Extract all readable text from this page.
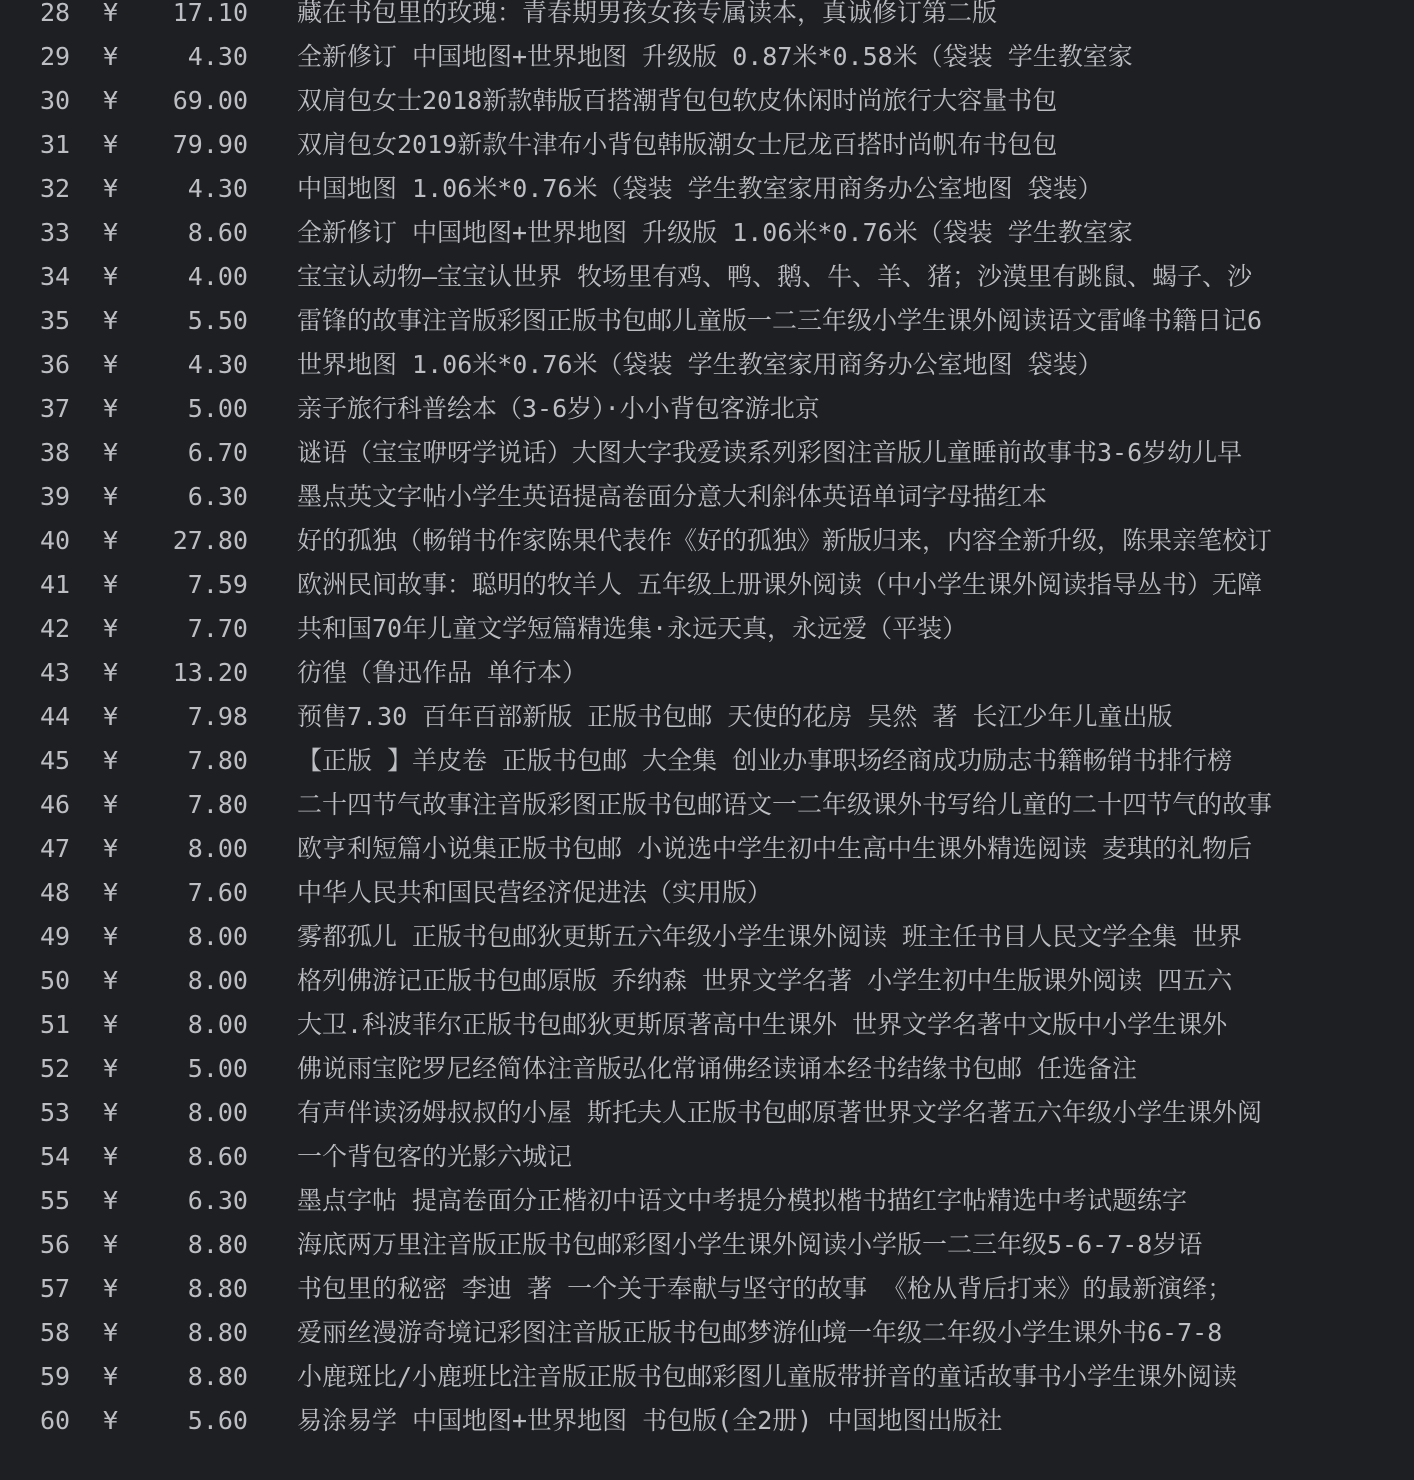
28	¥	17.10 藏在书包里的玫瑰：青春期男孩女孩专属读本，真诚修订第二版
29	¥	4.30 全新修订 中国地图+世界地图 升级版 0.87米*0.58米（袋装 学生教室家
30	¥	69.00 双肩包女士2018新款韩版百搭潮背包包软皮休闲时尚旅行大容量书包
31	¥	79.90 双肩包女2019新款牛津布小背包韩版潮女士尼龙百搭时尚帆布书包包
32	¥	4.30 中国地图 1.06米*0.76米（袋装 学生教室家用商务办公室地图 袋装）
33	¥	8.60 全新修订 中国地图+世界地图 升级版 1.06米*0.76米（袋装 学生教室家
34	¥	4.00 宝宝认动物—宝宝认世界 牧场里有鸡、鸭、鹅、牛、羊、猪；沙漠里有跳鼠、蝎子、沙
35	¥	5.50 雷锋的故事注音版彩图正版书包邮儿童版一二三年级小学生课外阅读语文雷峰书籍日记6
36	¥	4.30 世界地图 1.06米*0.76米（袋装 学生教室家用商务办公室地图 袋装）
37	¥	5.00 亲子旅行科普绘本（3-6岁）·小小背包客游北京
38	¥	6.70 谜语（宝宝咿呀学说话）大图大字我爱读系列彩图注音版儿童睡前故事书3-6岁幼儿早
39	¥	6.30 墨点英文字帖小学生英语提高卷面分意大利斜体英语单词字母描红本
40	¥	27.80 好的孤独（畅销书作家陈果代表作《好的孤独》新版归来，内容全新升级，陈果亲笔校订
41	¥	7.59 欧洲民间故事：聪明的牧羊人 五年级上册课外阅读（中小学生课外阅读指导丛书）无障
42	¥	7.70 共和国70年儿童文学短篇精选集·永远天真，永远爱（平装）
43	¥	13.20 彷徨（鲁迅作品 单行本）
44	¥	7.98 预售7.30 百年百部新版 正版书包邮 天使的花房 吴然 著 长江少年儿童出版
45	¥	7.80 【正版 】羊皮卷 正版书包邮 大全集 创业办事职场经商成功励志书籍畅销书排行榜
46	¥	7.80 二十四节气故事注音版彩图正版书包邮语文一二年级课外书写给儿童的二十四节气的故事
47	¥	8.00 欧亨利短篇小说集正版书包邮 小说选中学生初中生高中生课外精选阅读 麦琪的礼物后
48	¥	7.60 中华人民共和国民营经济促进法（实用版）
49	¥	8.00 雾都孤儿 正版书包邮狄更斯五六年级小学生课外阅读 班主任书目人民文学全集 世界
50	¥	8.00 格列佛游记正版书包邮原版 乔纳森 世界文学名著 小学生初中生版课外阅读 四五六
51	¥	8.00 大卫.科波菲尔正版书包邮狄更斯原著高中生课外 世界文学名著中文版中小学生课外
52	¥	5.00 佛说雨宝陀罗尼经简体注音版弘化常诵佛经读诵本经书结缘书包邮 任选备注
53	¥	8.00 有声伴读汤姆叔叔的小屋 斯托夫人正版书包邮原著世界文学名著五六年级小学生课外阅
54	¥	8.60 一个背包客的光影六城记
55	¥	6.30 墨点字帖 提高卷面分正楷初中语文中考提分模拟楷书描红字帖精选中考试题练字
56	¥	8.80 海底两万里注音版正版书包邮彩图小学生课外阅读小学版一二三年级5-6-7-8岁语
57	¥	8.80 书包里的秘密 李迪 著 一个关于奉献与坚守的故事 《枪从背后打来》的最新演绎；
58	¥	8.80 爱丽丝漫游奇境记彩图注音版正版书包邮梦游仙境一年级二年级小学生课外书6-7-8
59	¥	8.80 小鹿斑比/小鹿班比注音版正版书包邮彩图儿童版带拼音的童话故事书小学生课外阅读
60	¥	5.60 易涂易学 中国地图+世界地图 书包版(全2册) 中国地图出版社
